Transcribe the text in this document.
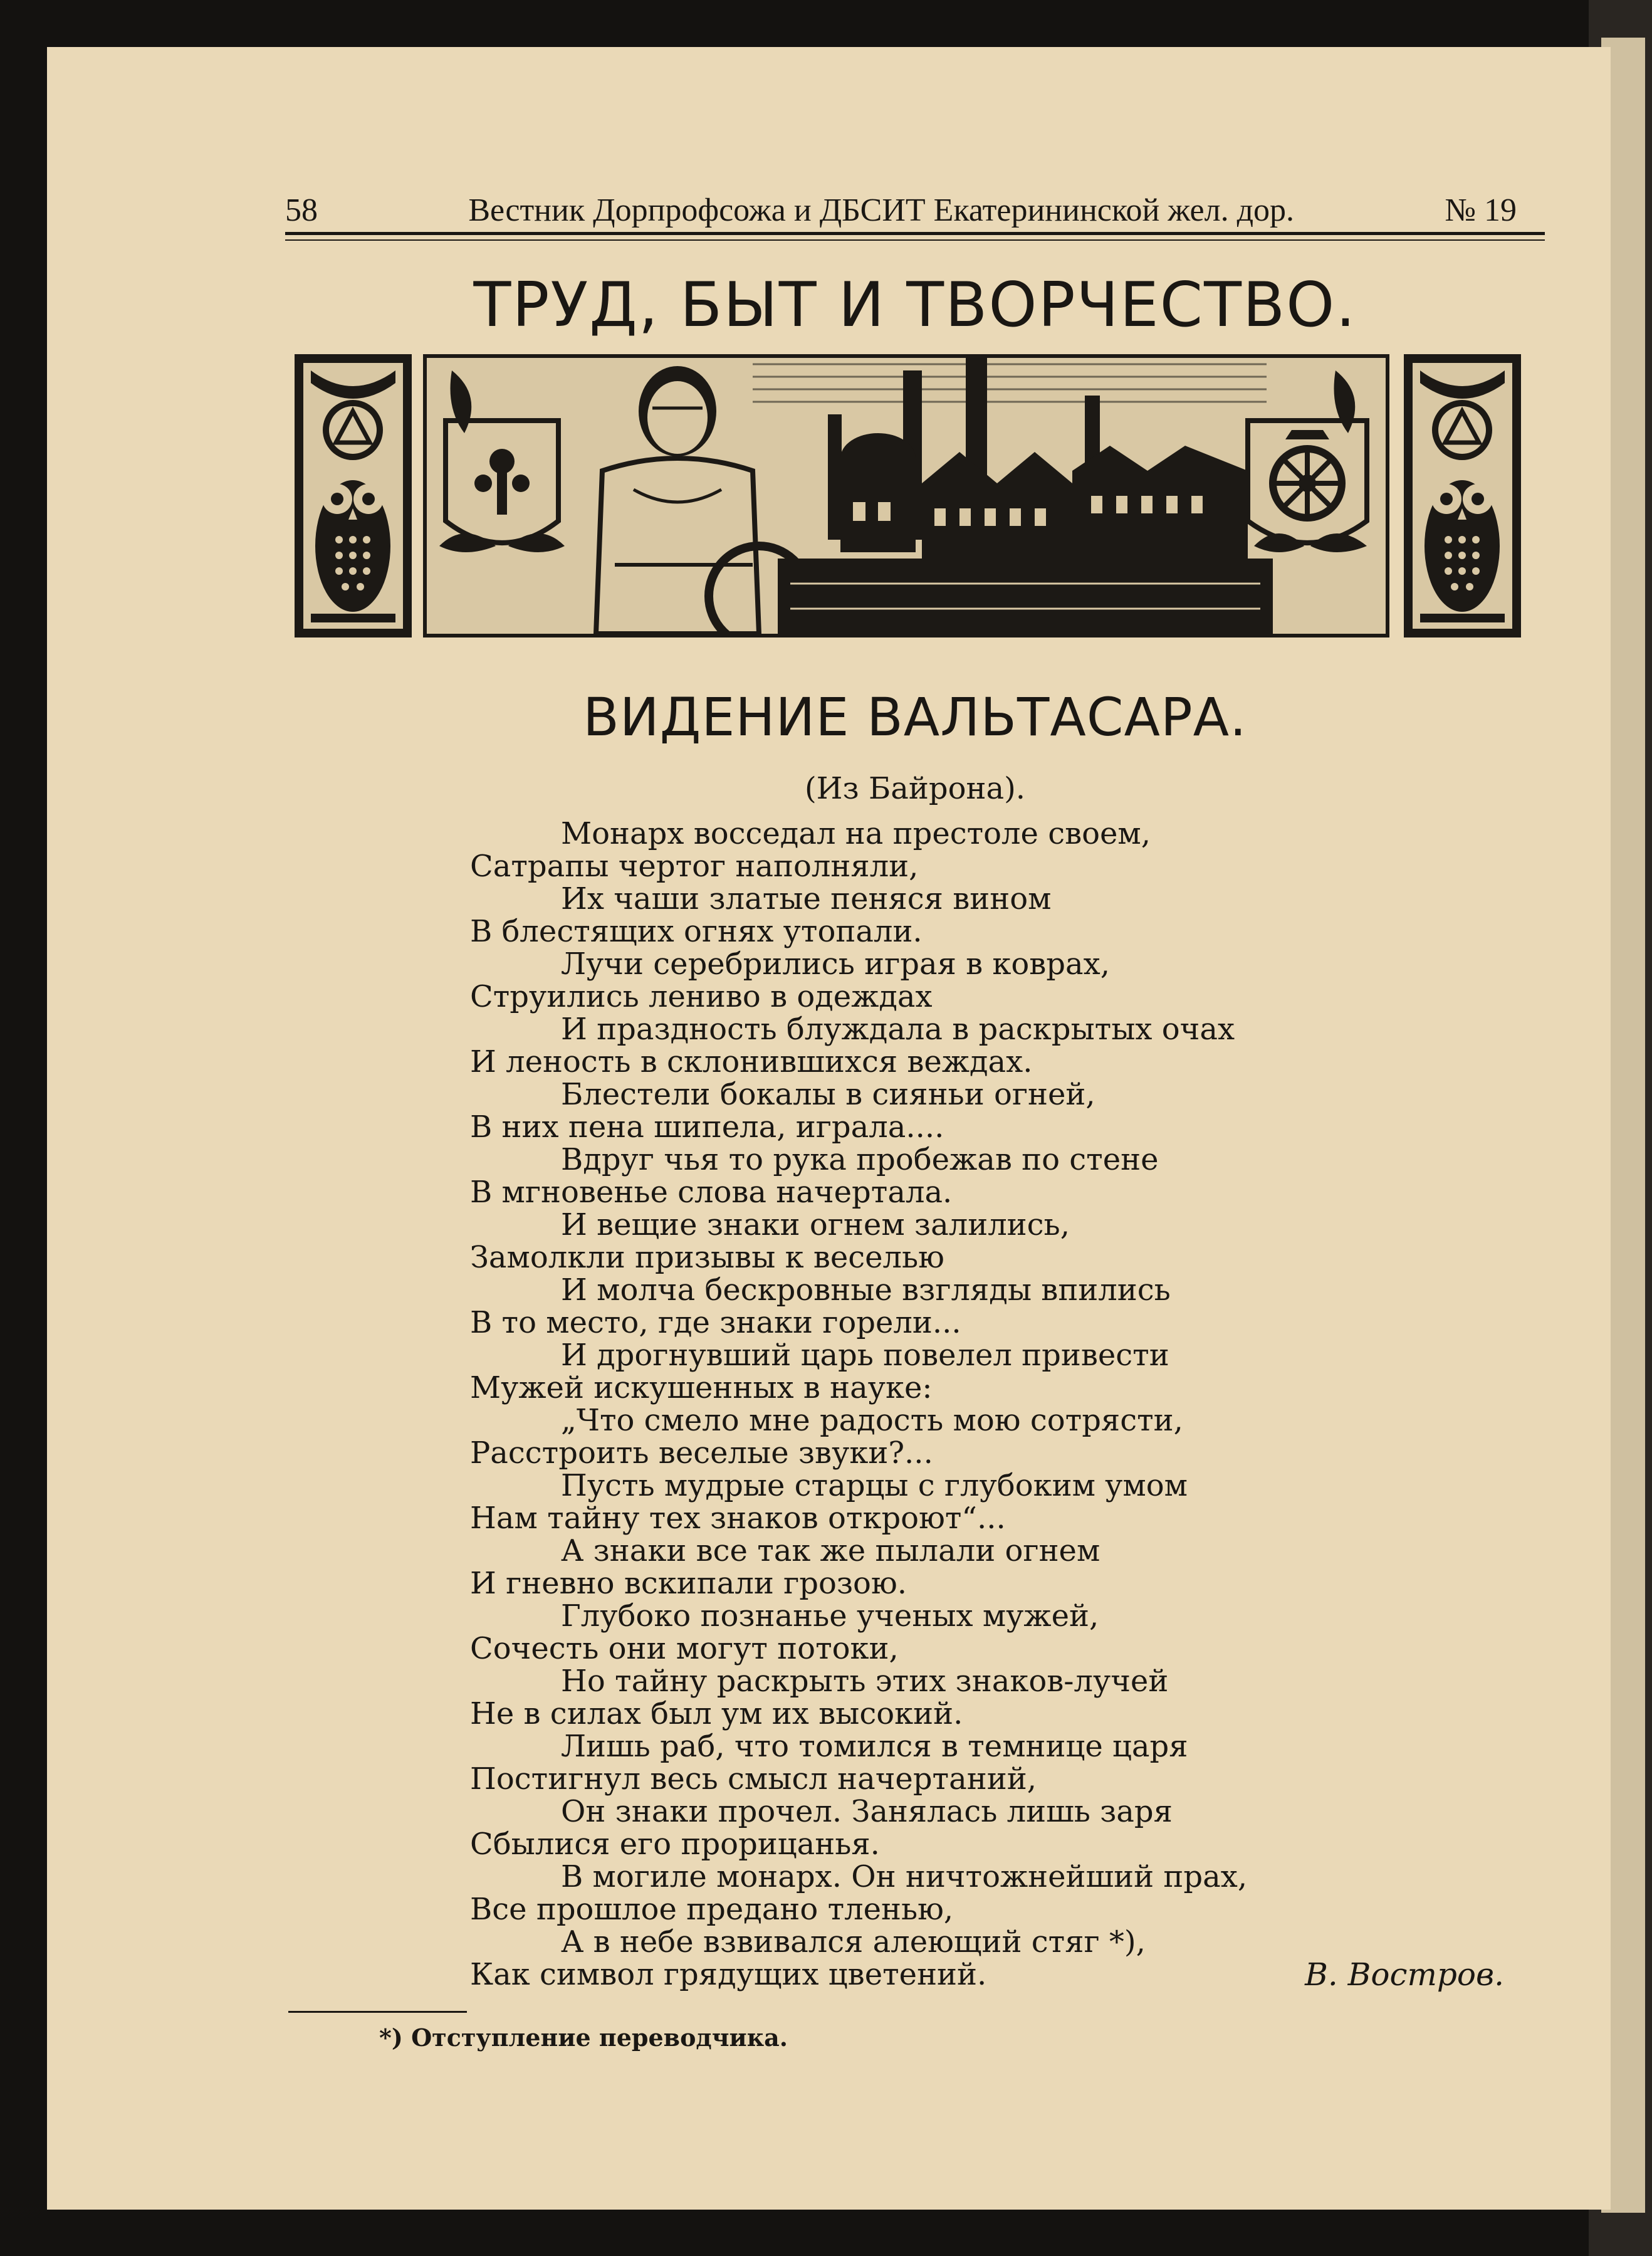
58	Вестник Дорпрофсожа и ДБСИТ Екатерининской жел. дор.	№ 19
ТРУД, БЫТ И ТВОРЧЕСТВО.
ВИДЕНИЕ ВАЛЬТАСАРА.
(Из Байрона).
Монарх восседал на престоле своем,
Сатрапы чертог наполняли,
Их чаши златые пеняся вином
В блестящих огнях утопали.
Лучи серебрились играя в коврах,
Струились лениво в одеждах
И праздность блуждала в раскрытых очах
И леность в склонившихся веждах.
Блестели бокалы в сияньи огней,
В них пена шипела, играла....
Вдруг чья то рука пробежав по стене
В мгновенье слова начертала.
И вещие знаки огнем залились,
Замолкли призывы к веселью
И молча бескровные взгляды впились
В то место, где знаки горели...
И дрогнувший царь повелел привести
Мужей искушенных в науке:
„Что смело мне радость мою сотрясти,
Расстроить веселые звуки?...
Пусть мудрые старцы с глубоким умом
Нам тайну тех знаков откроют“...
А знаки все так же пылали огнем
И гневно вскипали грозою.
Глубоко познанье ученых мужей,
Сочесть они могут потоки,
Но тайну раскрыть этих знаков-лучей
Не в силах был ум их высокий.
Лишь раб, что томился в темнице царя
Постигнул весь смысл начертаний,
Он знаки прочел. Занялась лишь заря
Сбылися его прорицанья.
В могиле монарх. Он ничтожнейший прах,
Все прошлое предано тленью,
А в небе взвивался алеющий стяг *),
Как символ грядущих цветений.	В. Востров.
*) Отступление переводчика.
